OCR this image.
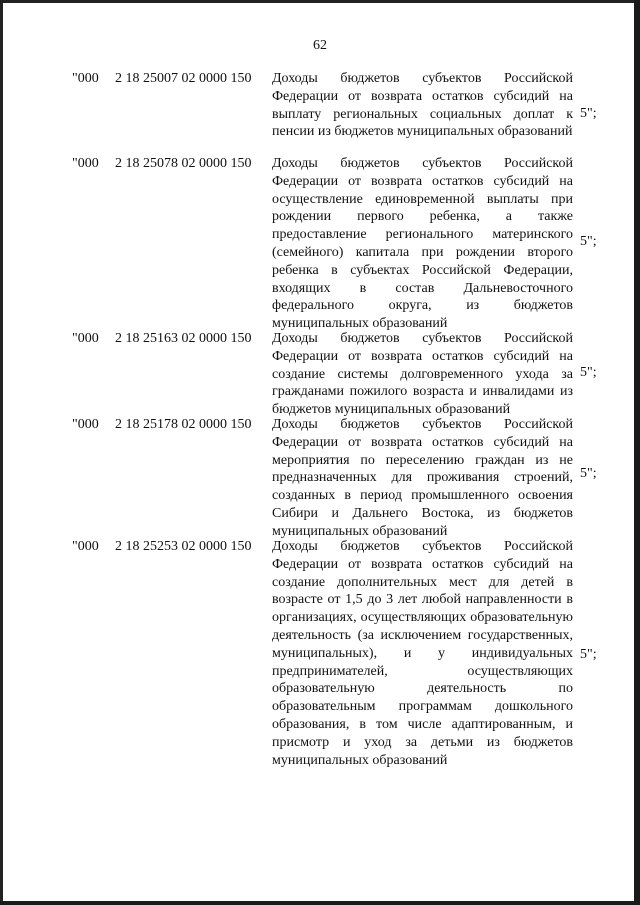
62
"000 2 18 25007 02 0000 150 Доходы бюджетов субъектов Российской Федерации от возврата остатков субсидий на выплату региональных социальных доплат к пенсии из бюджетов муниципальных образований
5";
"000 2 18 25078 02 0000 150 Доходы бюджетов субъектов Российской Федерации от возврата остатков субсидий на осуществление единовременной выплаты при рождении первого ребенка, а также предоставление регионального материнского (семейного) капитала при рождении второго ребенка в субъектах Российской Федерации, входящих в состав Дальневосточного федерального округа, из бюджетов муниципальных образований
5";
"000 2 18 25163 02 0000 150 Доходы бюджетов субъектов Российской Федерации от возврата остатков субсидий на создание системы долговременного ухода за гражданами пожилого возраста и инвалидами из бюджетов муниципальных образований
5";
"000 2 18 25178 02 0000 150 Доходы бюджетов субъектов Российской Федерации от возврата остатков субсидий на мероприятия по переселению граждан из не предназначенных для проживания строений, созданных в период промышленного освоения Сибири и Дальнего Востока, из бюджетов муниципальных образований
5";
"000 2 18 25253 02 0000 150 Доходы бюджетов субъектов Российской Федерации от возврата остатков субсидий на создание дополнительных мест для детей в возрасте от 1,5 до 3 лет любой направленности в организациях, осуществляющих образовательную деятельность (за исключением государственных, муниципальных), и у индивидуальных предпринимателей, осуществляющих образовательную деятельность по образовательным программам дошкольного образования, в том числе адаптированным, и присмотр и уход за детьми из бюджетов муниципальных образований
5";
